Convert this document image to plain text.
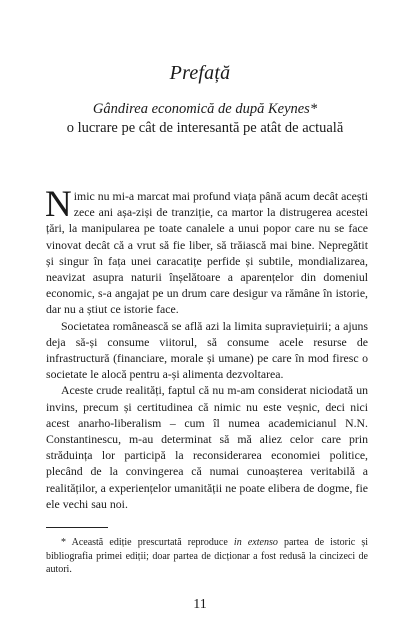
Prefață
Gândirea economică de după Keynes*
o lucrare pe cât de interesantă pe atât de actuală

Nimic nu mi-a marcat mai profund viața până acum decât acești zece ani așa-ziși de tranziție, ca martor la distrugerea acestei țări, la manipularea pe toate canalele a unui popor care nu se face vinovat decât că a vrut să fie liber, să trăiască mai bine. Nepregătit și singur în fața unei caracatițe perfide și subtile, mondializarea, neavizat asupra naturii înșelătoare a aparențelor din domeniul economic, s-a angajat pe un drum care desigur va rămâne în istorie, dar nu a știut ce istorie face.

Societatea românească se află azi la limita supraviețuirii; a ajuns deja să-și consume viitorul, să consume acele resurse de infrastructură (financiare, morale și umane) pe care în mod firesc o societate le alocă pentru a-și alimenta dezvoltarea.

Aceste crude realități, faptul că nu m-am considerat niciodată un invins, precum și certitudinea că nimic nu este veșnic, deci nici acest anarho-liberalism – cum îl numea academicianul N.N. Constantinescu, m-au determinat să mă aliez celor care prin străduința lor participă la reconsiderarea economiei politice, plecând de la convingerea că numai cunoașterea veritabilă a realităților, a experiențelor umanității ne poate elibera de dogme, fie ele vechi sau noi.

* Această ediție prescurtată reproduce in extenso partea de istoric și bibliografia primei ediții; doar partea de dicționar a fost redusă la cincizeci de autori.

11
